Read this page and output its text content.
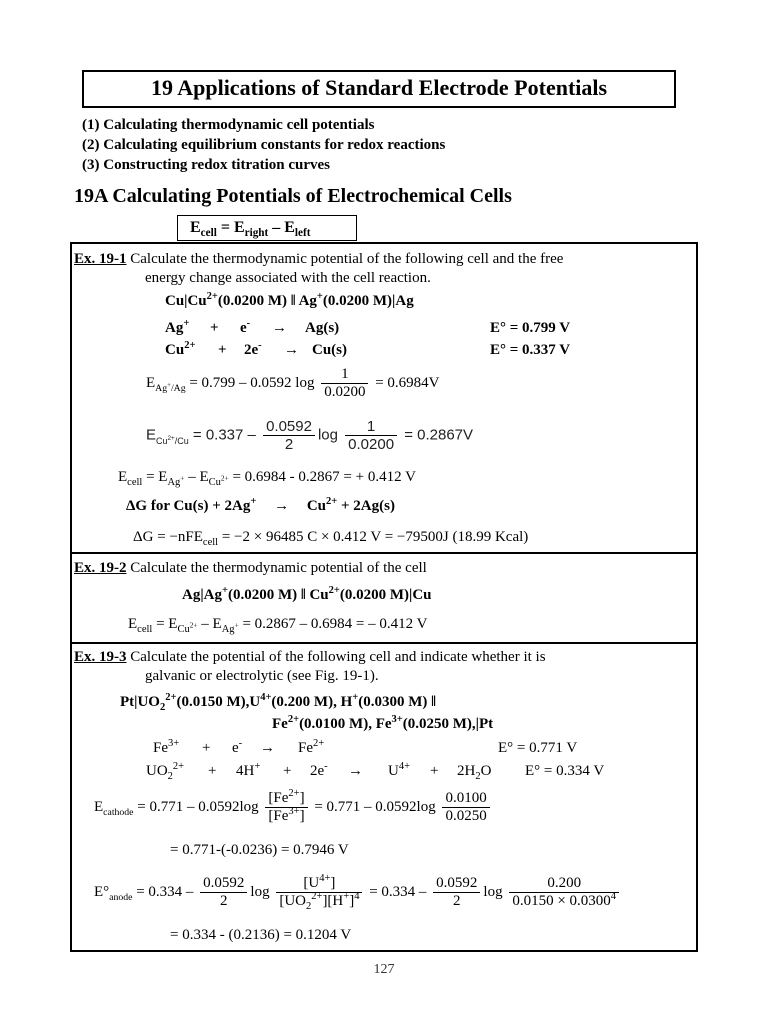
19 Applications of Standard Electrode Potentials
(1) Calculating thermodynamic cell potentials
(2) Calculating equilibrium constants for redox reactions
(3) Constructing redox titration curves
19A Calculating Potentials of Electrochemical Cells
$E_{cell} = E_{right} - E_{left}$
Ex. 19-1 Calculate the thermodynamic potential of the following cell and the free
energy change associated with the cell reaction.
$Cu|Cu^{2+}(0.0200$ M) ‖ Ag+(0.0200 M)|Ag
Ag+ + e- → Ag(s)	E° = 0.799 V
$Cu^{2+} + 2e^- \to Cu(s)$	E° = 0.337 V
$E_{Ag^+/Ag} = 0.799 - 0.0592$ $\log \frac{1}{0.0200} = 0.6984V$
$E_{Cu^{2+}/Cu} = 0.337 - \frac{0.0592}{2}$ $\log \frac{1}{0.0200} = 0.2867V$
$E_{cell} = E_{Ag^+} - E_{Cu^{2+}} = 0.6984 - 0.2867$ = + 0.412 V
ΔG for $Cu(s) + 2Ag^+ \to Cu^{2+} + 2Ag(s)$
ΔG = −nFE$_{cell}$ = −2 × 96485 C × 0.412 V = −79500J (18.99 Kcal)
Ex. 19-2 Calculate the thermodynamic potential of the cell
Ag|Ag+(0.0200 M) ‖ $Cu^{2+}(0.0200$ M)|Cu
$E_{cell} = E_{Cu^{2+}} - E_{Ag^+} = 0.2867 - 0.6984$ = – 0.412 V
Ex. 19-3 Calculate the potential of the following cell and indicate whether it is
galvanic or electrolytic (see Fig. 19-1).
$Pt|UO_2^{2+}(0.0150$ $M),U^{4+}(0.200$ M), H+(0.0300 M) ‖
$Fe^{2+}(0.0100$ M), $Fe^{3+}(0.0250$ M),|Pt
$Fe^{3+} + e^- \to Fe^{2+}$	E° = 0.771 V
$UO_2^{2+} + 4H^+ + 2e^- \to U^{4+} + 2H_2O$ E° = 0.334 V
$E_{cathode} = 0.771 - 0.0592\log \frac{[Fe^{2+}]}{[Fe^{3+}]} = 0.771 - 0.0592\log \frac{0.0100}{0.0250}$
= 0.771-(-0.0236) = 0.7946 V
$E^\circ_{anode} = 0.334 - \frac{0.0592}{2}$ $\log \frac{[U^{4+}]}{[UO_2^{2+}][H^+]^4} = 0.334 - \frac{0.0592}{2}$ $\log \frac{0.200}{0.0150 \times 0.0300^4}$
= 0.334 - (0.2136) = 0.1204 V
127
